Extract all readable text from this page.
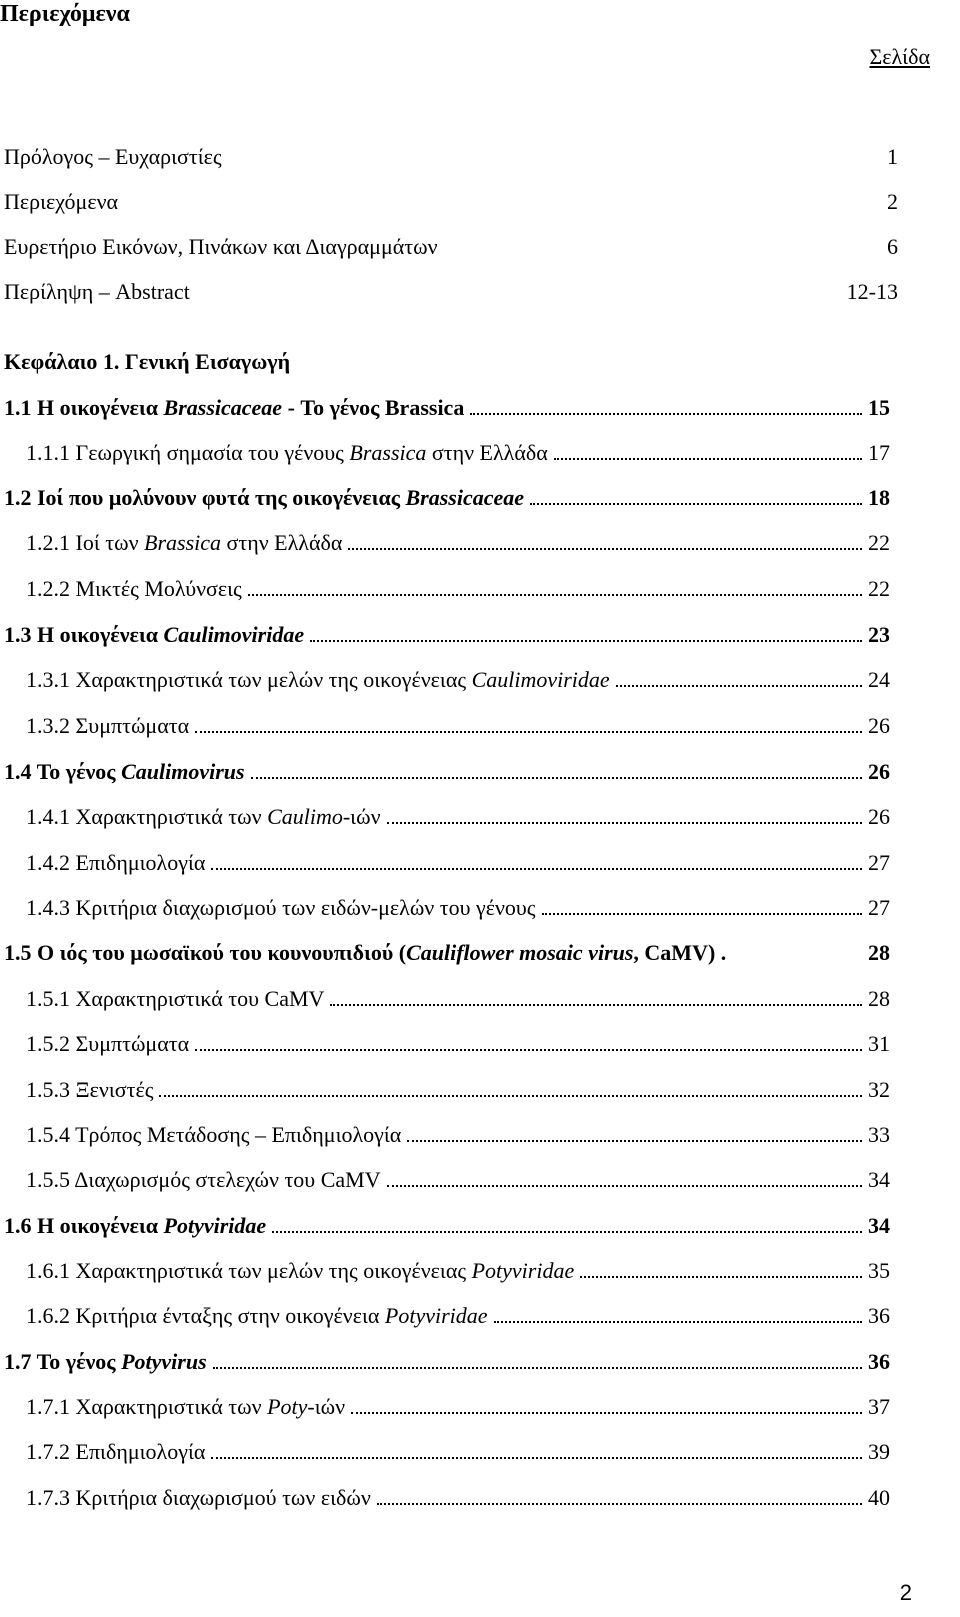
Περιεχόμενα
Σελίδα
Πρόλογος – Ευχαριστίες	1
Περιεχόμενα	2
Ευρετήριο Εικόνων, Πινάκων και Διαγραμμάτων	6
Περίληψη – Abstract	12-13
Κεφάλαιο 1. Γενική Εισαγωγή
1.1 Η οικογένεια Brassicaceae - Το γένος Brassica	15
1.1.1 Γεωργική σημασία του γένους Brassica στην Ελλάδα	17
1.2 Ιοί που μολύνουν φυτά της οικογένειας Brassicaceae	18
1.2.1 Ιοί των Brassica στην Ελλάδα	22
1.2.2 Μικτές Μολύνσεις	22
1.3 Η οικογένεια Caulimoviridae	23
1.3.1 Χαρακτηριστικά των μελών της οικογένειας Caulimoviridae	24
1.3.2 Συμπτώματα	26
1.4 Το γένος Caulimovirus	26
1.4.1 Χαρακτηριστικά των Caulimo-ιών	26
1.4.2 Επιδημιολογία	27
1.4.3 Κριτήρια διαχωρισμού των ειδών-μελών του γένους	27
1.5 Ο ιός του μωσαϊκού του κουνουπιδιού (Cauliflower mosaic virus, CaMV) .	28
1.5.1 Χαρακτηριστικά του CaMV	28
1.5.2 Συμπτώματα	31
1.5.3 Ξενιστές	32
1.5.4 Τρόπος Μετάδοσης – Επιδημιολογία	33
1.5.5 Διαχωρισμός στελεχών του CaMV	34
1.6 Η οικογένεια Potyviridae	34
1.6.1 Χαρακτηριστικά των μελών της οικογένειας Potyviridae	35
1.6.2 Κριτήρια ένταξης στην οικογένεια Potyviridae	36
1.7 Το γένος Potyvirus	36
1.7.1 Χαρακτηριστικά των Poty-ιών	37
1.7.2 Επιδημιολογία	39
1.7.3 Κριτήρια διαχωρισμού των ειδών	40
2
